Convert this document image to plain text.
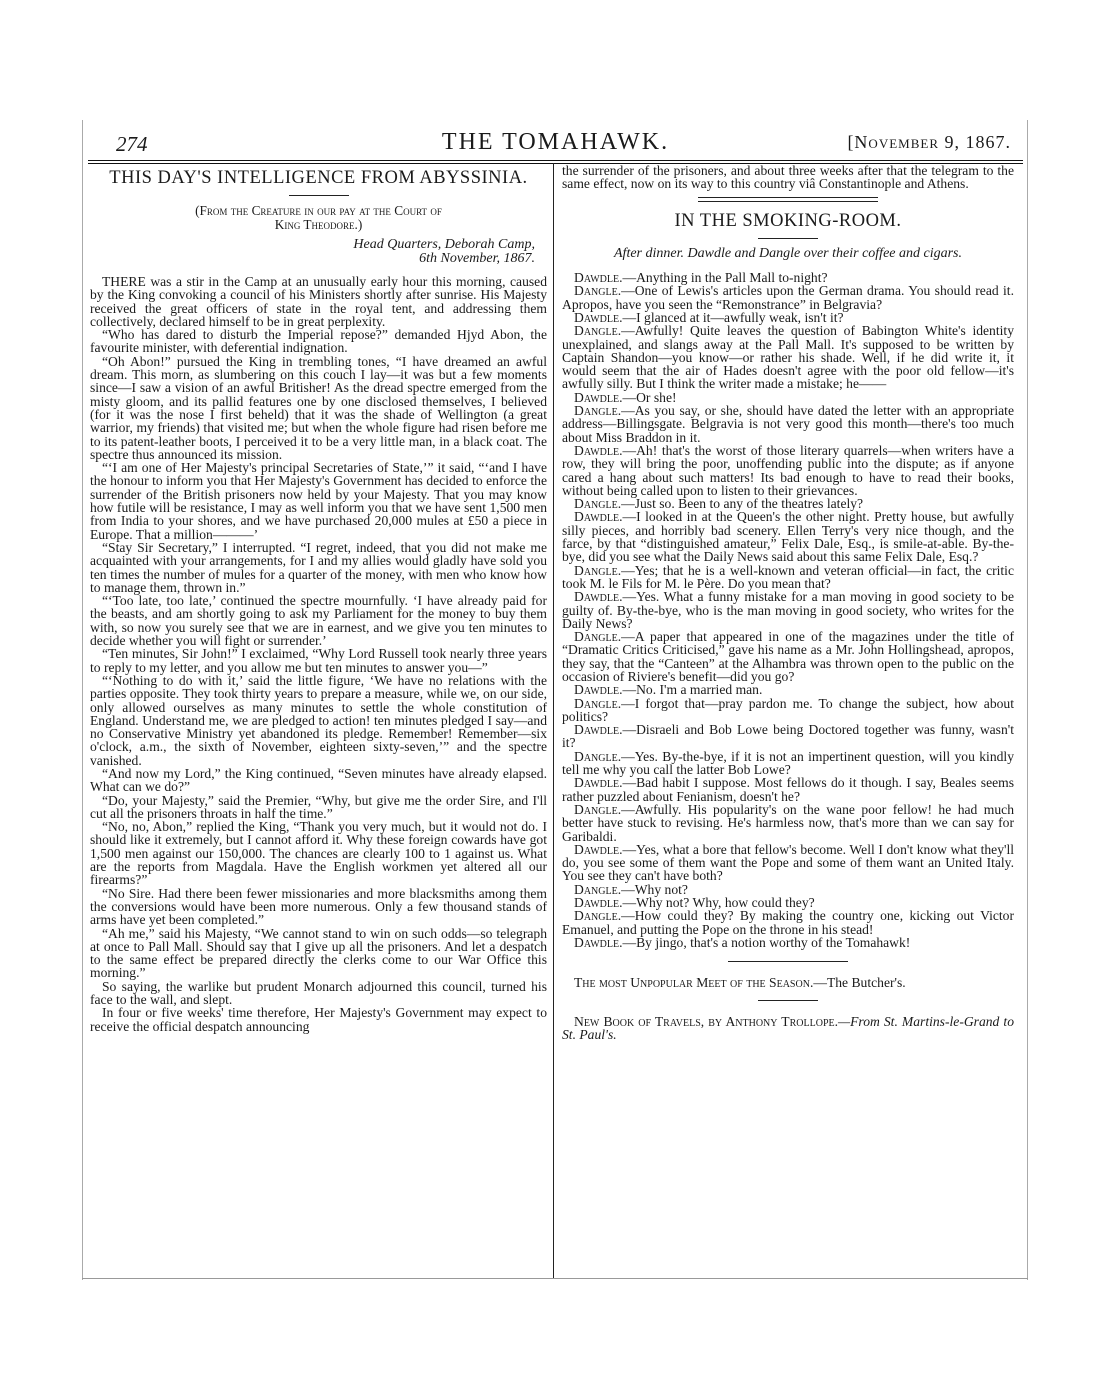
274	THE TOMAHAWK.	[November 9, 1867.
THIS DAY'S INTELLIGENCE FROM ABYSSINIA.
(From the Creature in our pay at the Court of
King Theodore.)
Head Quarters, Deborah Camp,
6th November, 1867.

THERE was a stir in the Camp at an unusually early hour this morning, caused by the King convoking a council of his Ministers shortly after sunrise. His Majesty received the great officers of state in the royal tent, and addressing them collectively, declared himself to be in great perplexity.

“Who has dared to disturb the Imperial repose?” demanded Hjyd Abon, the favourite minister, with deferential indignation.

“Oh Abon!” pursued the King in trembling tones, “I have dreamed an awful dream. This morn, as slumbering on this couch I lay—it was but a few moments since—I saw a vision of an awful Britisher! As the dread spectre emerged from the misty gloom, and its pallid features one by one disclosed themselves, I believed (for it was the nose I first beheld) that it was the shade of Wellington (a great warrior, my friends) that visited me; but when the whole figure had risen before me to its patent-leather boots, I perceived it to be a very little man, in a black coat. The spectre thus announced its mission.

“‘I am one of Her Majesty's principal Secretaries of State,’” it said, “‘and I have the honour to inform you that Her Majesty's Government has decided to enforce the surrender of the British prisoners now held by your Majesty. That you may know how futile will be resistance, I may as well inform you that we have sent 1,500 men from India to your shores, and we have purchased 20,000 mules at £50 a piece in Europe. That a million———’

“Stay Sir Secretary,” I interrupted. “I regret, indeed, that you did not make me acquainted with your arrangements, for I and my allies would gladly have sold you ten times the number of mules for a quarter of the money, with men who know how to manage them, thrown in.”

“‘Too late, too late,’ continued the spectre mournfully. ‘I have already paid for the beasts, and am shortly going to ask my Parliament for the money to buy them with, so now you surely see that we are in earnest, and we give you ten minutes to decide whether you will fight or surrender.’

“Ten minutes, Sir John!” I exclaimed, “Why Lord Russell took nearly three years to reply to my letter, and you allow me but ten minutes to answer you—”

“‘Nothing to do with it,’ said the little figure, ‘We have no relations with the parties opposite. They took thirty years to prepare a measure, while we, on our side, only allowed ourselves as many minutes to settle the whole constitution of England. Understand me, we are pledged to action! ten minutes pledged I say—and no Conservative Ministry yet abandoned its pledge. Remember! Remember—six o'clock, a.m., the sixth of November, eighteen sixty-seven,’” and the spectre vanished.

“And now my Lord,” the King continued, “Seven minutes have already elapsed. What can we do?”

“Do, your Majesty,” said the Premier, “Why, but give me the order Sire, and I'll cut all the prisoners throats in half the time.”

“No, no, Abon,” replied the King, “Thank you very much, but it would not do. I should like it extremely, but I cannot afford it. Why these foreign cowards have got 1,500 men against our 150,000. The chances are clearly 100 to 1 against us. What are the reports from Magdala. Have the English workmen yet altered all our firearms?”

“No Sire. Had there been fewer missionaries and more blacksmiths among them the conversions would have been more numerous. Only a few thousand stands of arms have yet been completed.”

“Ah me,” said his Majesty, “We cannot stand to win on such odds—so telegraph at once to Pall Mall. Should say that I give up all the prisoners. And let a despatch to the same effect be prepared directly the clerks come to our War Office this morning.”

So saying, the warlike but prudent Monarch adjourned this council, turned his face to the wall, and slept.

In four or five weeks' time therefore, Her Majesty's Government may expect to receive the official despatch announcing

the surrender of the prisoners, and about three weeks after that the telegram to the same effect, now on its way to this country viâ Constantinople and Athens.

IN THE SMOKING-ROOM.
After dinner. Dawdle and Dangle over their coffee and cigars.

Dawdle.—Anything in the Pall Mall to-night?

Dangle.—One of Lewis's articles upon the German drama. You should read it. Apropos, have you seen the “Remonstrance” in Belgravia?

Dawdle.—I glanced at it—awfully weak, isn't it?

Dangle.—Awfully! Quite leaves the question of Babington White's identity unexplained, and slangs away at the Pall Mall. It's supposed to be written by Captain Shandon—you know—or rather his shade. Well, if he did write it, it would seem that the air of Hades doesn't agree with the poor old fellow—it's awfully silly. But I think the writer made a mistake; he——

Dawdle.—Or she!

Dangle.—As you say, or she, should have dated the letter with an appropriate address—Billingsgate. Belgravia is not very good this month—there's too much about Miss Braddon in it.

Dawdle.—Ah! that's the worst of those literary quarrels—when writers have a row, they will bring the poor, unoffending public into the dispute; as if anyone cared a hang about such matters! Its bad enough to have to read their books, without being called upon to listen to their grievances.

Dangle.—Just so. Been to any of the theatres lately?

Dawdle.—I looked in at the Queen's the other night. Pretty house, but awfully silly pieces, and horribly bad scenery. Ellen Terry's very nice though, and the farce, by that “distinguished amateur,” Felix Dale, Esq., is smile-at-able. By-the-bye, did you see what the Daily News said about this same Felix Dale, Esq.?

Dangle.—Yes; that he is a well-known and veteran official—in fact, the critic took M. le Fils for M. le Père. Do you mean that?

Dawdle.—Yes. What a funny mistake for a man moving in good society to be guilty of. By-the-bye, who is the man moving in good society, who writes for the Daily News?

Dangle.—A paper that appeared in one of the magazines under the title of “Dramatic Critics Criticised,” gave his name as a Mr. John Hollingshead, apropos, they say, that the “Canteen” at the Alhambra was thrown open to the public on the occasion of Riviere's benefit—did you go?

Dawdle.—No. I'm a married man.

Dangle.—I forgot that—pray pardon me. To change the subject, how about politics?

Dawdle.—Disraeli and Bob Lowe being Doctored together was funny, wasn't it?

Dangle.—Yes. By-the-bye, if it is not an impertinent question, will you kindly tell me why you call the latter Bob Lowe?

Dawdle.—Bad habit I suppose. Most fellows do it though. I say, Beales seems rather puzzled about Fenianism, doesn't he?

Dangle.—Awfully. His popularity's on the wane poor fellow! he had much better have stuck to revising. He's harmless now, that's more than we can say for Garibaldi.

Dawdle.—Yes, what a bore that fellow's become. Well I don't know what they'll do, you see some of them want the Pope and some of them want an United Italy. You see they can't have both?

Dangle.—Why not?

Dawdle.—Why not? Why, how could they?

Dangle.—How could they? By making the country one, kicking out Victor Emanuel, and putting the Pope on the throne in his stead!

Dawdle.—By jingo, that's a notion worthy of the Tomahawk!

The most Unpopular Meet of the Season.—The Butcher's.

New Book of Travels, by Anthony Trollope.—From St. Martins-le-Grand to St. Paul's.
